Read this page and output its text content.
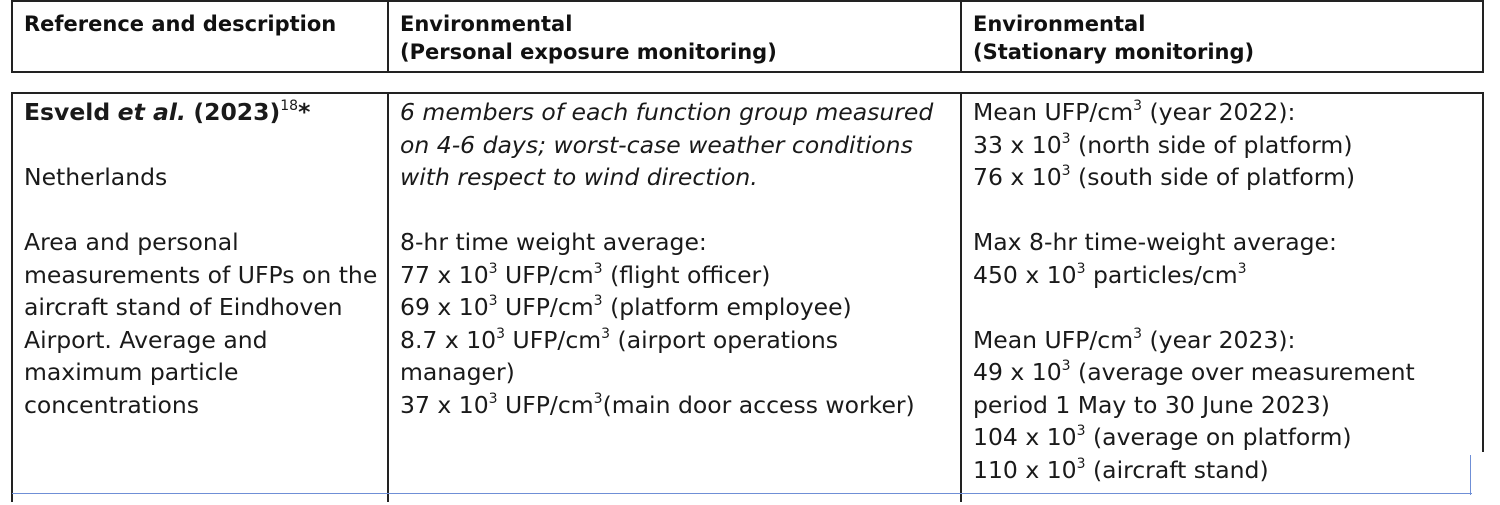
Reference and description	Environmental
(Personal exposure monitoring)
Environmental
(Stationary monitoring)
Esveld et al. $(2023)^{18}*$
Netherlands
Area and personal
measurements of UFPs on the
aircraft stand of Eindhoven
Airport. Average and
maximum particle
concentrations
6 members of each function group measured
on 4-6 days; worst-case weather conditions
with respect to wind direction.
8-hr time weight average:
77 x $10^3$ UFP/$cm^3$ (flight officer)
69 x $10^3$ UFP/$cm^3$ (platform employee)
8.7 x $10^3$ UFP/$cm^3$ (airport operations
manager)
37 x $10^3$ UFP/$cm^3(main$ door access worker)
Mean UFP/$cm^3$ (year 2022):
33 x $10^3$ (north side of platform)
76 x $10^3$ (south side of platform)
Max 8-hr time-weight average:
450 x $10^3$ particles/$cm^3$
Mean UFP/$cm^3$ (year 2023):
49 x $10^3$ (average over measurement
period 1 May to 30 June 2023)
104 x $10^3$ (average on platform)
110 x $10^3$ (aircraft stand)
